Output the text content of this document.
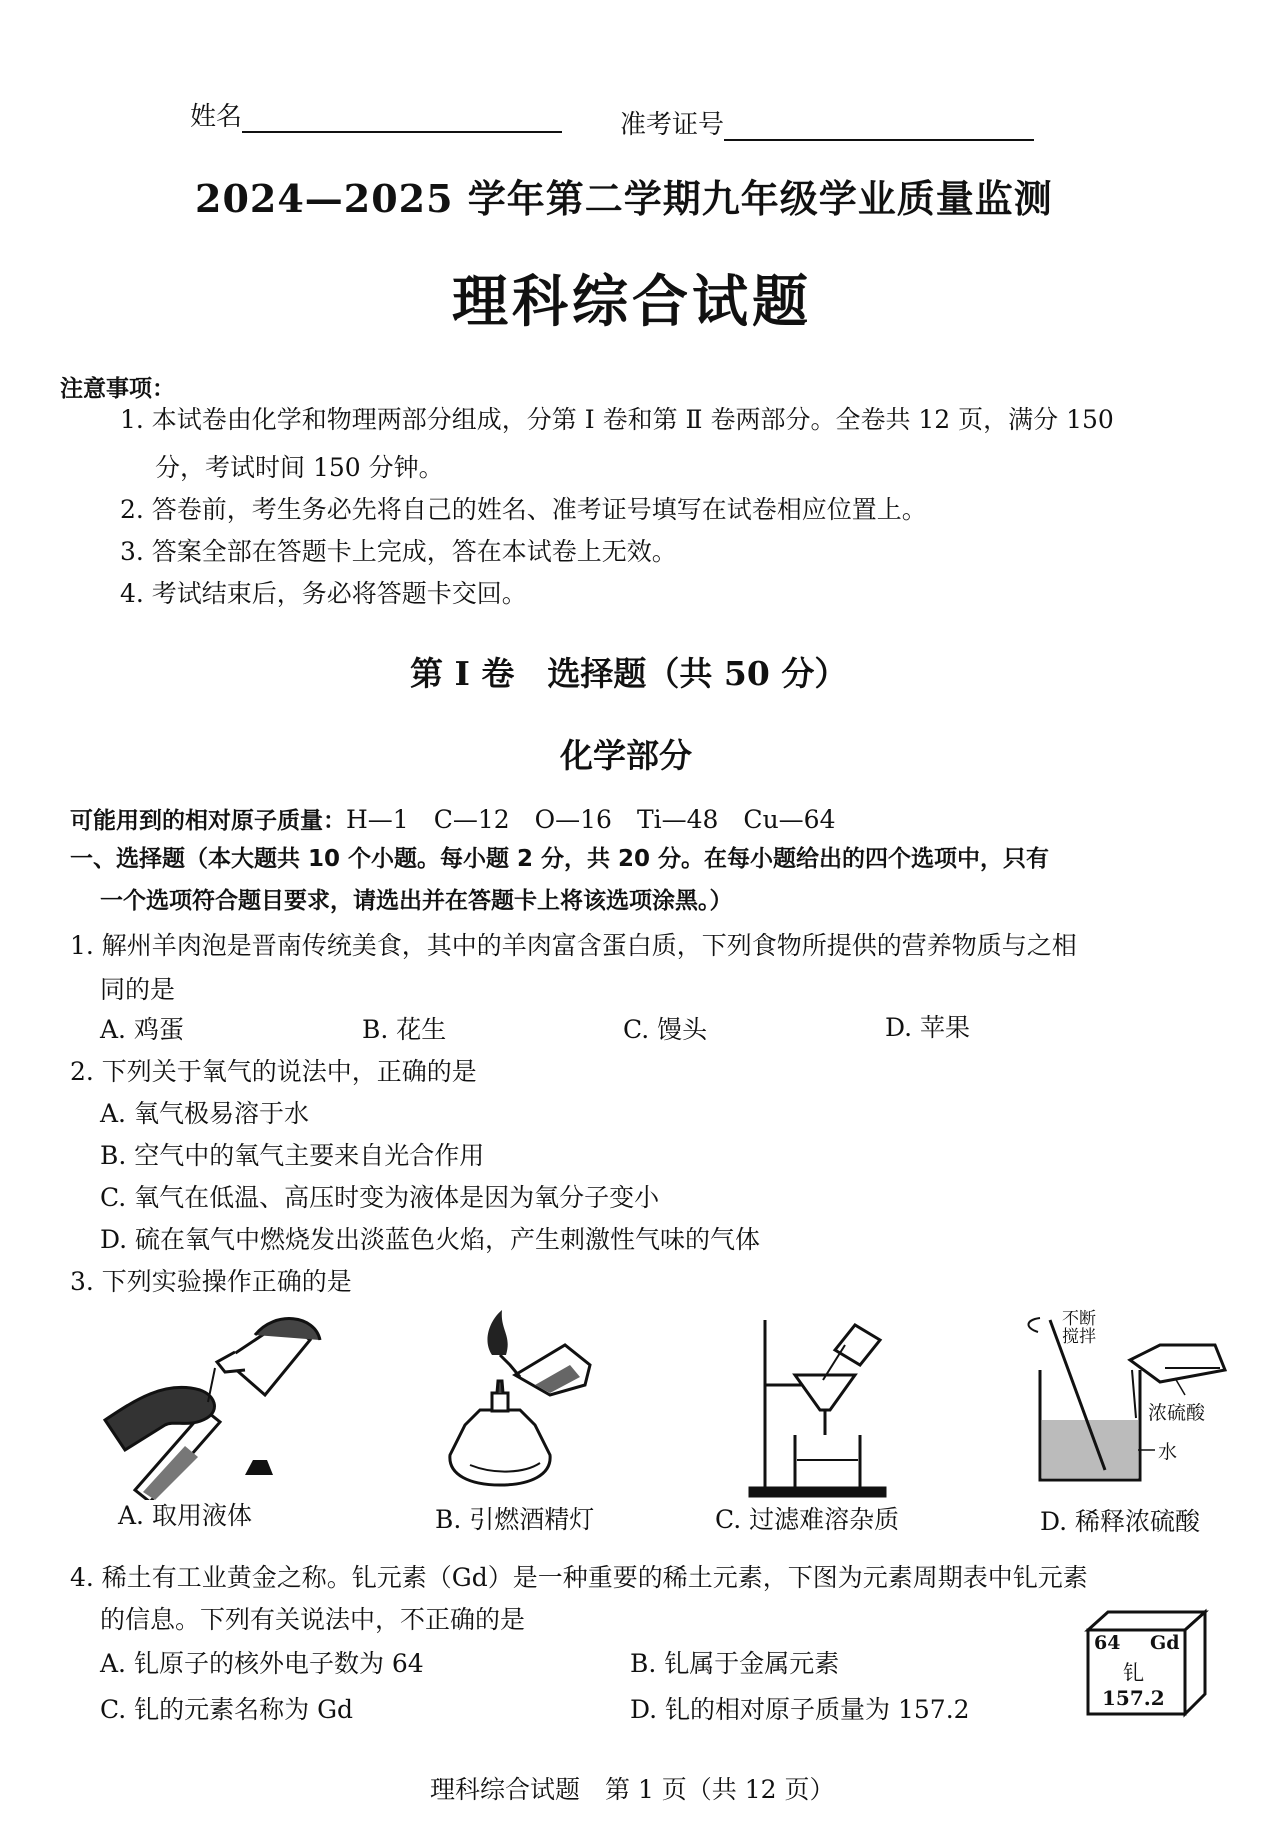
姓名	准考证号
2024—2025 学年第二学期九年级学业质量监测
理科综合试题
注意事项：
1. 本试卷由化学和物理两部分组成，分第 Ⅰ 卷和第 Ⅱ 卷两部分。全卷共 12 页，满分 150
分，考试时间 150 分钟。
2. 答卷前，考生务必先将自己的姓名、准考证号填写在试卷相应位置上。
3. 答案全部在答题卡上完成，答在本试卷上无效。
4. 考试结束后，务必将答题卡交回。
第 Ⅰ 卷　选择题（共 50 分）
化学部分
可能用到的相对原子质量：H—1　C—12　O—16　Ti—48　Cu—64
一、选择题（本大题共 10 个小题。每小题 2 分，共 20 分。在每小题给出的四个选项中，只有
一个选项符合题目要求，请选出并在答题卡上将该选项涂黑。）
1. 解州羊肉泡是晋南传统美食，其中的羊肉富含蛋白质，下列食物所提供的营养物质与之相
同的是
A. 鸡蛋	B. 花生	C. 馒头	D. 苹果
2. 下列关于氧气的说法中，正确的是
A. 氧气极易溶于水
B. 空气中的氧气主要来自光合作用
C. 氧气在低温、高压时变为液体是因为氧分子变小
D. 硫在氧气中燃烧发出淡蓝色火焰，产生刺激性气味的气体
3. 下列实验操作正确的是
不断
搅拌
浓硫酸
水
A. 取用液体	B. 引燃酒精灯	C. 过滤难溶杂质	D. 稀释浓硫酸
4. 稀土有工业黄金之称。钆元素（Gd）是一种重要的稀土元素，下图为元素周期表中钆元素
的信息。下列有关说法中，不正确的是
A. 钆原子的核外电子数为 64	B. 钆属于金属元素
C. 钆的元素名称为 Gd	D. 钆的相对原子质量为 157.2
64 Gd
钆
157.2
理科综合试题　第 1 页（共 12 页）
